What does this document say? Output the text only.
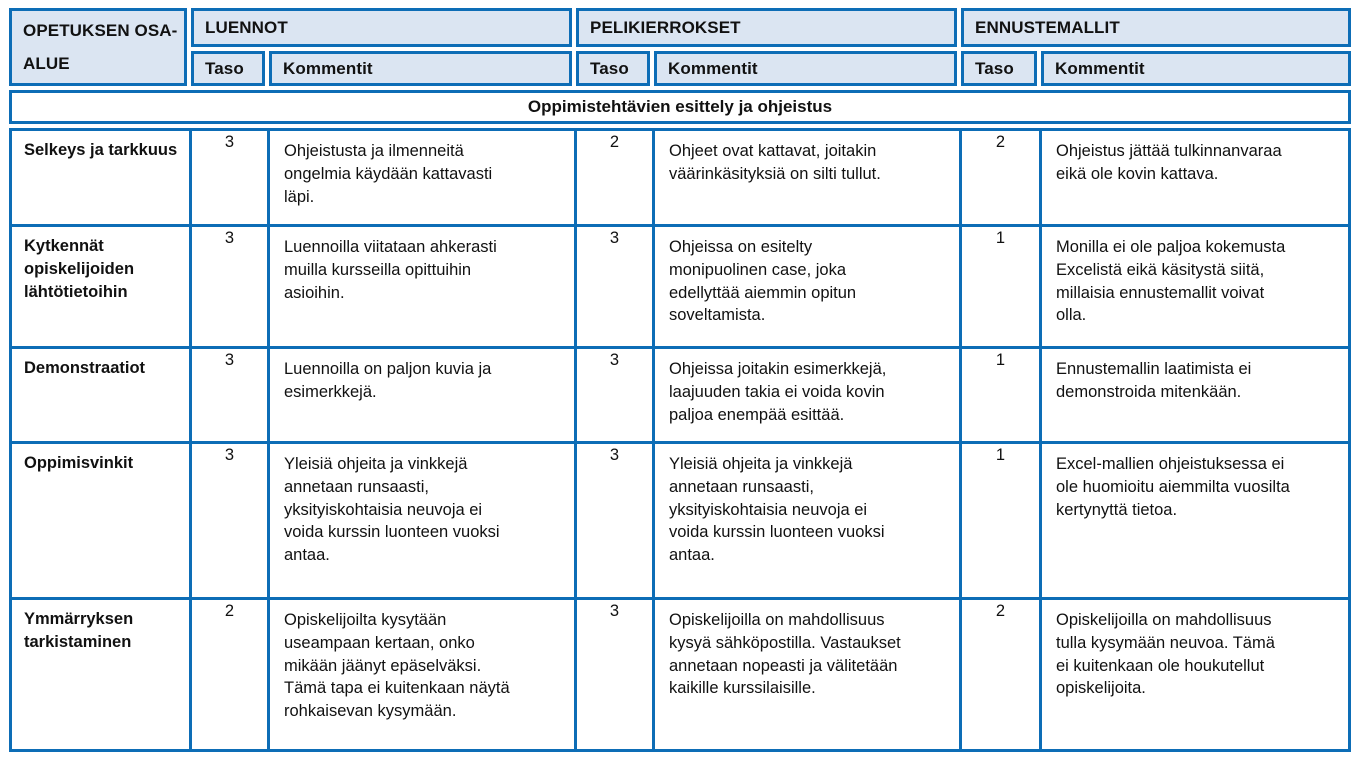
OPETUKSEN OSA-ALUE
LUENNOT	PELIKIERROKSET	ENNUSTEMALLIT
Taso	Kommentit	Taso	Kommentit	Taso	Kommentit
Oppimistehtävien esittely ja ohjeistus
Selkeys ja tarkkuus	3	Ohjeistusta ja ilmenneitä ongelmia käydään kattavasti läpi.	2	Ohjeet ovat kattavat, joitakin väärinkäsityksiä on silti tullut.	2	Ohjeistus jättää tulkinnanvaraa eikä ole kovin kattava.
Kytkennät opiskelijoiden lähtötietoihin	3	Luennoilla viitataan ahkerasti muilla kursseilla opittuihin asioihin.	3	Ohjeissa on esitelty monipuolinen case, joka edellyttää aiemmin opitun soveltamista.	1	Monilla ei ole paljoa kokemusta Excelistä eikä käsitystä siitä, millaisia ennustemallit voivat olla.
Demonstraatiot	3	Luennoilla on paljon kuvia ja esimerkkejä.	3	Ohjeissa joitakin esimerkkejä, laajuuden takia ei voida kovin paljoa enempää esittää.	1	Ennustemallin laatimista ei demonstroida mitenkään.
Oppimisvinkit	3	Yleisiä ohjeita ja vinkkejä annetaan runsaasti, yksityiskohtaisia neuvoja ei voida kurssin luonteen vuoksi antaa.	3	Yleisiä ohjeita ja vinkkejä annetaan runsaasti, yksityiskohtaisia neuvoja ei voida kurssin luonteen vuoksi antaa.	1	Excel-mallien ohjeistuksessa ei ole huomioitu aiemmilta vuosilta kertynyttä tietoa.
Ymmärryksen tarkistaminen	2	Opiskelijoilta kysytään useampaan kertaan, onko mikään jäänyt epäselväksi. Tämä tapa ei kuitenkaan näytä rohkaisevan kysymään.	3	Opiskelijoilla on mahdollisuus kysyä sähköpostilla. Vastaukset annetaan nopeasti ja välitetään kaikille kurssilaisille.	2	Opiskelijoilla on mahdollisuus tulla kysymään neuvoa. Tämä ei kuitenkaan ole houkutellut opiskelijoita.
